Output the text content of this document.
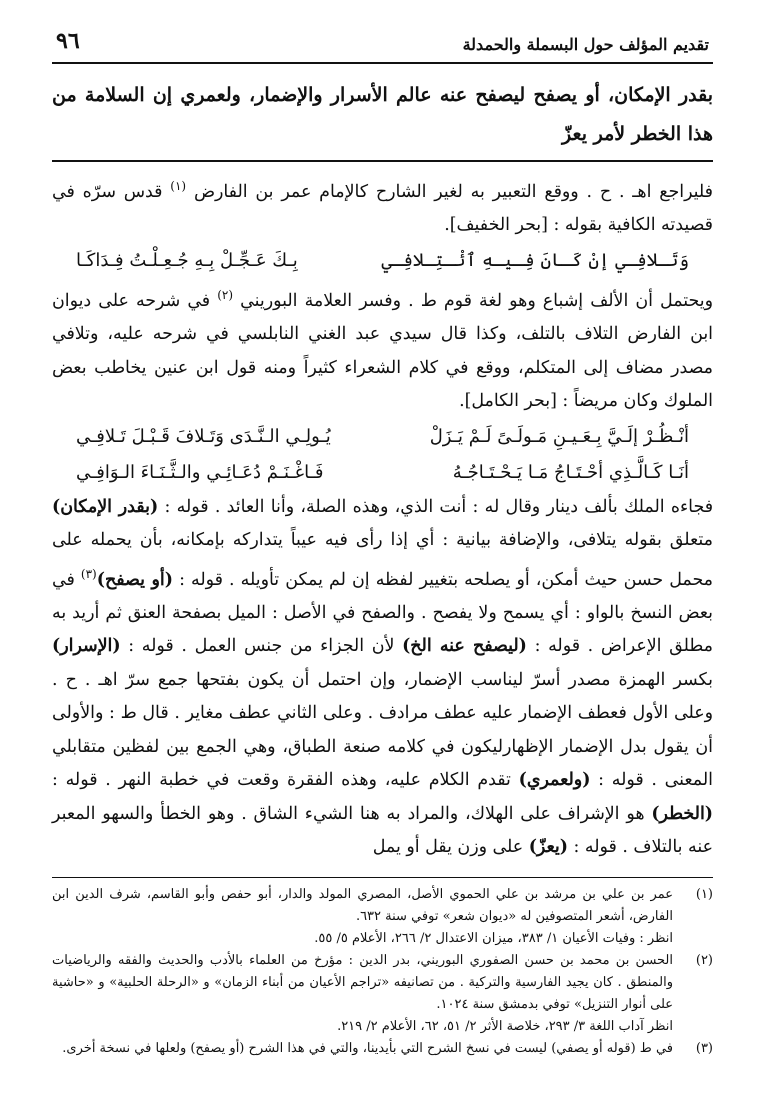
تقديم المؤلف حول البسملة والحمدلة
٩٦

بقدر الإمكان، أو يصفح ليصفح عنه عالم الأسرار والإضمار، ولعمري إن السلامة من هذا الخطر لأمر يعزّ

فليراجع اهـ . ح . ووقع التعبير به لغير الشارح كالإمام عمر بن الفارض $^{(١)}$ قدس سرّه في قصيدته الكافية بقوله : [بحر الخفيف].

وَتَـلافِـي إنْ كَـانَ فِـيـهِ ٱئْـتِـلافِـي
بِـكَ عَـجِّـلْ بِـهِ جُـعِـلْـتُ فِـدَاكَـا

ويحتمل أن الألف إشباع وهو لغة قوم ط . وفسر العلامة البوريني $^{(٢)}$ في شرحه على ديوان ابن الفارض التلاف بالتلف، وكذا قال سيدي عبد الغني النابلسي في شرحه عليه، وتلافي مصدر مضاف إلى المتكلم، ووقع في كلام الشعراء كثيراً ومنه قول ابن عنين يخاطب بعض الملوك وكان مريضاً : [بحر الكامل].

أنْـظُـرْ إلَـيَّ بِـعَـيـنِ مَـولَـىً لَـمْ يَـزَلْ
يُـولِـي الـنَّـدَى وَتَـلافَ قَـبْـلَ تَـلافِـي
أنَـا كَـالَّـذِي أحْـتَـاجُ مَـا يَـحْـتَـاجُـهُ
فَـاغْـنَـمْ دُعَـائِـي والـثَّـنَـاءَ الـوَافِـي

فجاءه الملك بألف دينار وقال له : أنت الذي، وهذه الصلة، وأنا العائد . قوله : (بقدر الإمكان) متعلق بقوله يتلافى، والإضافة بيانية : أي إذا رأى فيه عيباً يتداركه بإمكانه، بأن يحمله على محمل حسن حيث أمكن، أو يصلحه بتغيير لفظه إن لم يمكن تأويله . قوله : (أو يصفح)$^{(٣)}$ في بعض النسخ بالواو : أي يسمح ولا يفصح . والصفح في الأصل : الميل بصفحة العنق ثم أريد به مطلق الإعراض . قوله : (ليصفح عنه الخ) لأن الجزاء من جنس العمل . قوله : (الإسرار) بكسر الهمزة مصدر أسرّ ليناسب الإضمار، وإن احتمل أن يكون بفتحها جمع سرّ اهـ . ح . وعلى الأول فعطف الإضمار عليه عطف مرادف . وعلى الثاني عطف مغاير . قال ط : والأولى أن يقول بدل الإضمار الإظهارليكون في كلامه صنعة الطباق، وهي الجمع بين لفظين متقابلي المعنى . قوله : (ولعمري) تقدم الكلام عليه، وهذه الفقرة وقعت في خطبة النهر . قوله : (الخطر) هو الإشراف على الهلاك، والمراد به هنا الشيء الشاق . وهو الخطأ والسهو المعبر عنه بالتلاف . قوله : (يعزّ) على وزن يقل أو يمل

(١)

عمر بن علي بن مرشد بن علي الحموي الأصل، المصري المولد والدار، أبو حفص وأبو القاسم، شرف الدين ابن الفارض، أشعر المتصوفين له «ديوان شعر» توفي سنة ٦٣٢.

انظر : وفيات الأعيان ١/ ٣٨٣، ميزان الاعتدال ٢/ ٢٦٦، الأعلام ٥/ ٥٥.

(٢)

الحسن بن محمد بن حسن الصفوري البوريني، بدر الدين : مؤرخ من العلماء بالأدب والحديث والفقه والرياضيات والمنطق . كان يجيد الفارسية والتركية . من تصانيفه «تراجم الأعيان من أبناء الزمان» و «الرحلة الحلبية» و «حاشية على أنوار التنزيل» توفي بدمشق سنة ١٠٢٤.

انظر آداب اللغة ٣/ ٢٩٣، خلاصة الأثر ٢/ ٥١، ٦٢، الأعلام ٢/ ٢١٩.

(٣)

في ط (قوله أو يصفي) ليست في نسخ الشرح التي بأيدينا، والتي في هذا الشرح (أو يصفح) ولعلها في نسخة أخرى.
